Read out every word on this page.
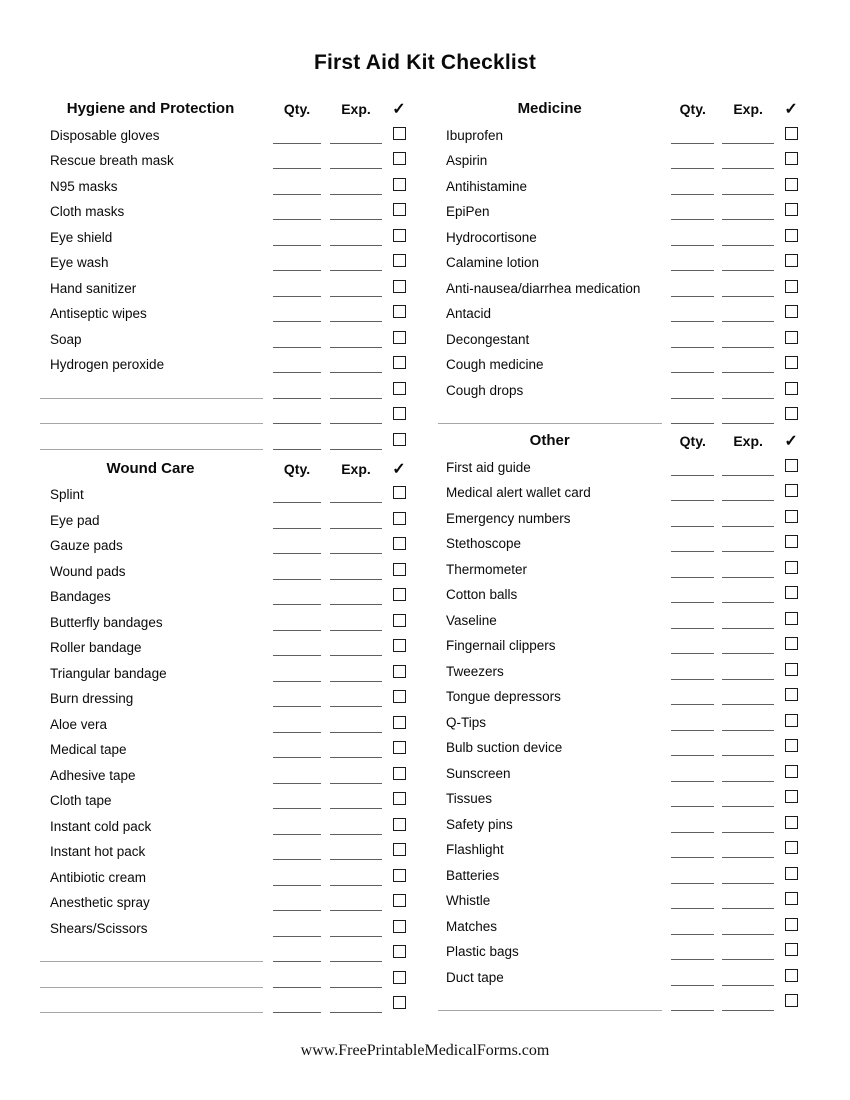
First Aid Kit Checklist
Hygiene and Protection	Qty.	Exp.	✓
Disposable gloves
Rescue breath mask
N95 masks
Cloth masks
Eye shield
Eye wash
Hand sanitizer
Antiseptic wipes
Soap
Hydrogen peroxide
Wound Care	Qty.	Exp.	✓
Splint
Eye pad
Gauze pads
Wound pads
Bandages
Butterfly bandages
Roller bandage
Triangular bandage
Burn dressing
Aloe vera
Medical tape
Adhesive tape
Cloth tape
Instant cold pack
Instant hot pack
Antibiotic cream
Anesthetic spray
Shears/Scissors
Medicine	Qty.	Exp.	✓
Ibuprofen
Aspirin
Antihistamine
EpiPen
Hydrocortisone
Calamine lotion
Anti-nausea/diarrhea medication
Antacid
Decongestant
Cough medicine
Cough drops
Other	Qty.	Exp.	✓
First aid guide
Medical alert wallet card
Emergency numbers
Stethoscope
Thermometer
Cotton balls
Vaseline
Fingernail clippers
Tweezers
Tongue depressors
Q-Tips
Bulb suction device
Sunscreen
Tissues
Safety pins
Flashlight
Batteries
Whistle
Matches
Plastic bags
Duct tape
www.FreePrintableMedicalForms.com
